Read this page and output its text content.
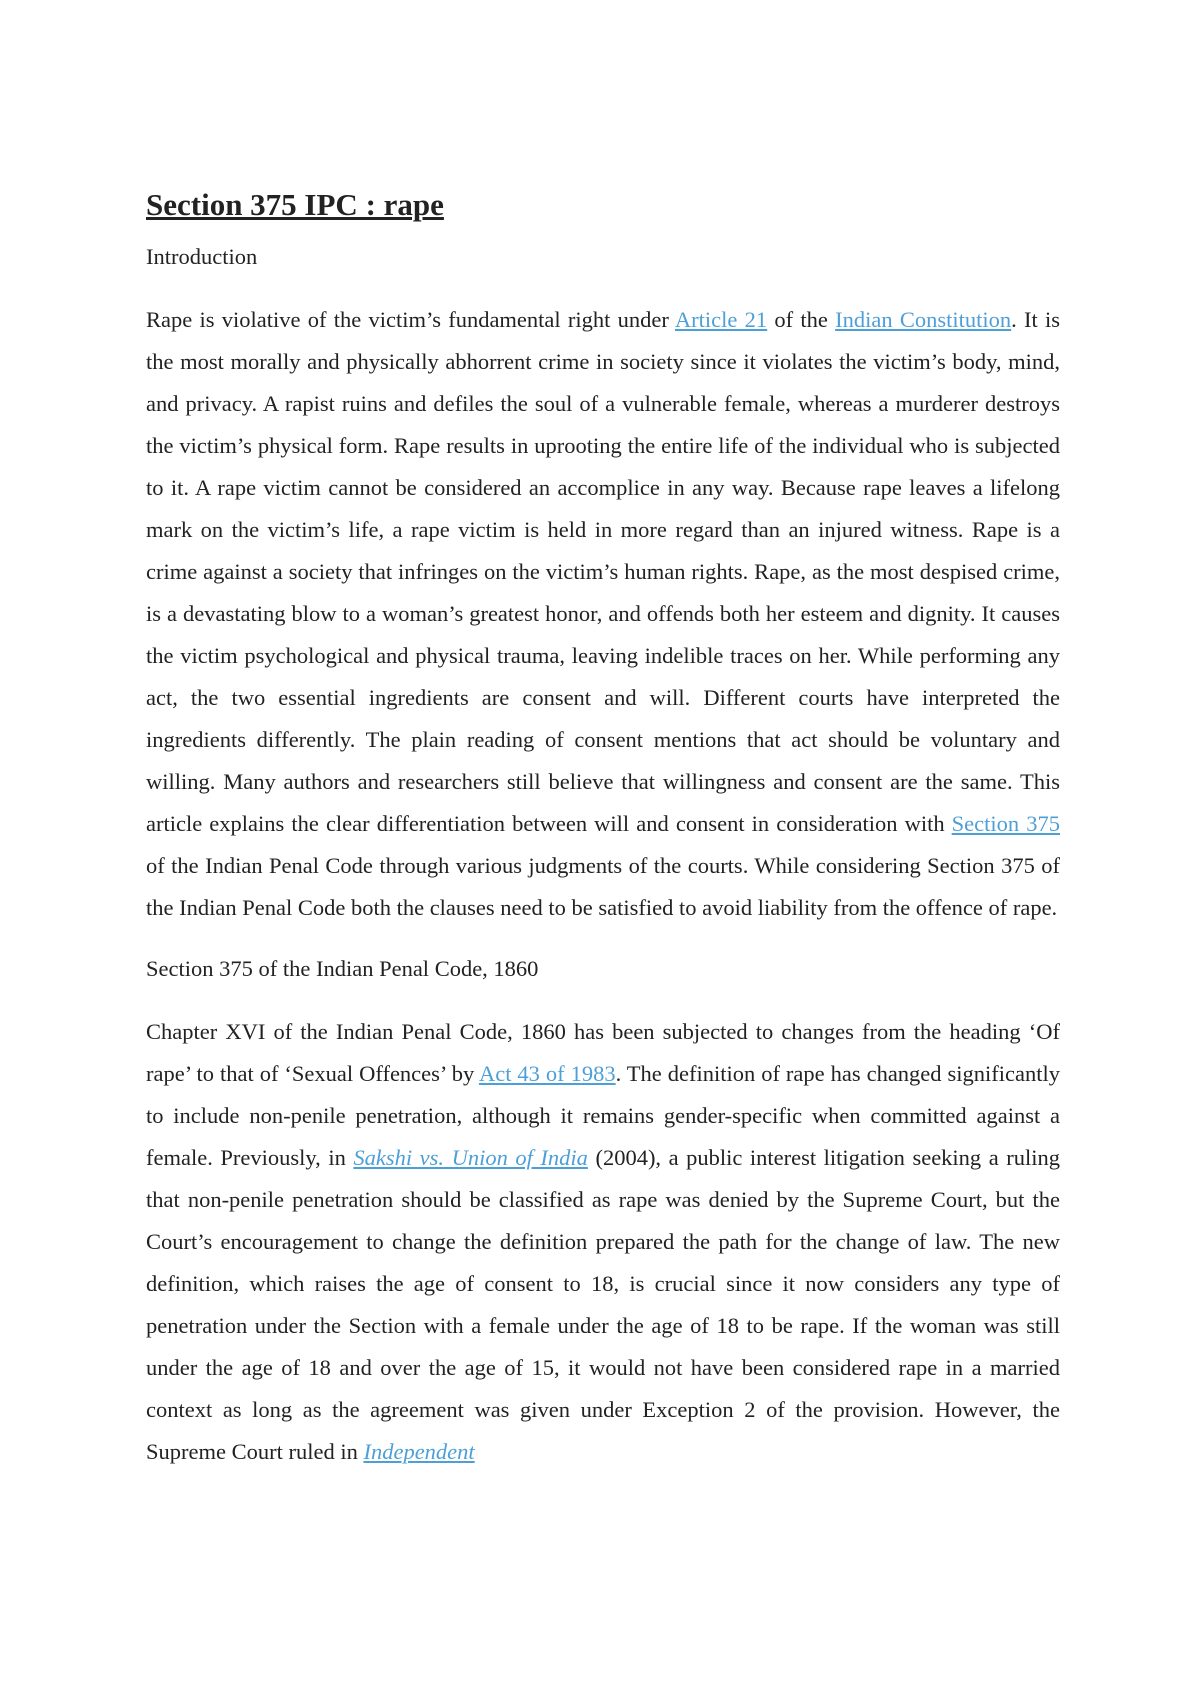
Section 375 IPC : rape

Introduction

Rape is violative of the victim’s fundamental right under Article 21 of the Indian Constitution. It is the most morally and physically abhorrent crime in society since it violates the victim’s body, mind, and privacy. A rapist ruins and defiles the soul of a vulnerable female, whereas a murderer destroys the victim’s physical form. Rape results in uprooting the entire life of the individual who is subjected to it. A rape victim cannot be considered an accomplice in any way. Because rape leaves a lifelong mark on the victim’s life, a rape victim is held in more regard than an injured witness. Rape is a crime against a society that infringes on the victim’s human rights. Rape, as the most despised crime, is a devastating blow to a woman’s greatest honor, and offends both her esteem and dignity. It causes the victim psychological and physical trauma, leaving indelible traces on her. While performing any act, the two essential ingredients are consent and will. Different courts have interpreted the ingredients differently. The plain reading of consent mentions that act should be voluntary and willing. Many authors and researchers still believe that willingness and consent are the same. This article explains the clear differentiation between will and consent in consideration with Section 375 of the Indian Penal Code through various judgments of the courts. While considering Section 375 of the Indian Penal Code both the clauses need to be satisfied to avoid liability from the offence of rape.

Section 375 of the Indian Penal Code, 1860

Chapter XVI of the Indian Penal Code, 1860 has been subjected to changes from the heading ‘Of rape’ to that of ‘Sexual Offences’ by Act 43 of 1983. The definition of rape has changed significantly to include non-penile penetration, although it remains gender-specific when committed against a female. Previously, in Sakshi vs. Union of India (2004), a public interest litigation seeking a ruling that non-penile penetration should be classified as rape was denied by the Supreme Court, but the Court’s encouragement to change the definition prepared the path for the change of law. The new definition, which raises the age of consent to 18, is crucial since it now considers any type of penetration under the Section with a female under the age of 18 to be rape. If the woman was still under the age of 18 and over the age of 15, it would not have been considered rape in a married context as long as the agreement was given under Exception 2 of the provision. However, the Supreme Court ruled in Independent
